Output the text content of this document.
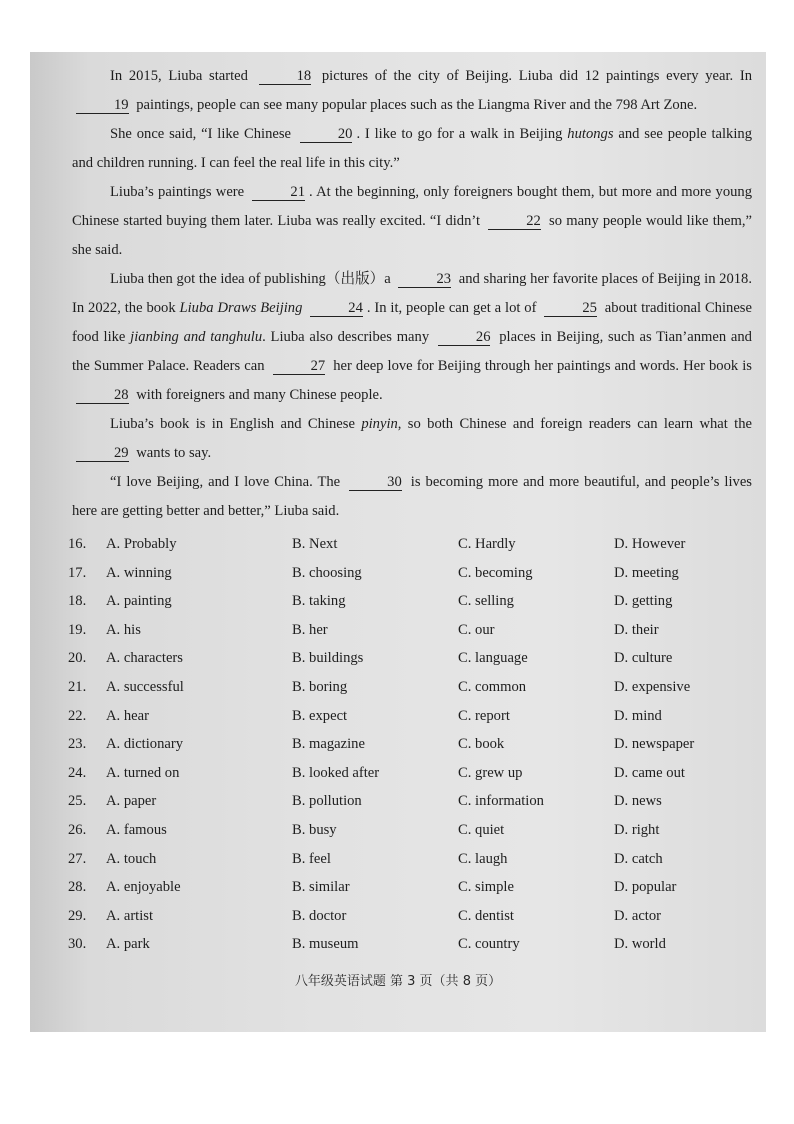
In 2015, Liuba started	18 pictures of the city of Beijing. Liuba did 12 paintings every year. In 19 paintings, people can see many popular places such as the Liangma River and the 798 Art Zone.

She once said, “I like Chinese	20 . I like to go for a walk in Beijing hutongs and see people talking and children running. I can feel the real life in this city.”

Liuba’s paintings were	21 . At the beginning, only foreigners bought them, but more and more young Chinese started buying them later. Liuba was really excited. “I didn’t	22 so many people would like them,” she said.

Liuba then got the idea of publishing（出版）a	23 and sharing her favorite places of Beijing in 2018. In 2022, the book Liuba Draws Beijing	24 . In it, people can get a lot of	25 about traditional Chinese food like jianbing and tanghulu. Liuba also describes many	26 places in Beijing, such as Tian’anmen and the Summer Palace. Readers can	27 her deep love for Beijing through her paintings and words. Her book is 28 with foreigners and many Chinese people.

Liuba’s book is in English and Chinese pinyin, so both Chinese and foreign readers can learn what the 29 wants to say.

“I love Beijing, and I love China. The	30 is becoming more and more beautiful, and people’s lives here are getting better and better,” Liuba said.

16. A. Probably	B. Next	C. Hardly	D. However
17. A. winning	B. choosing	C. becoming	D. meeting
18. A. painting	B. taking	C. selling	D. getting
19. A. his	B. her	C. our	D. their
20. A. characters	B. buildings	C. language	D. culture
21. A. successful	B. boring	C. common	D. expensive
22. A. hear	B. expect	C. report	D. mind
23. A. dictionary	B. magazine	C. book	D. newspaper
24. A. turned on	B. looked after	C. grew up	D. came out
25. A. paper	B. pollution	C. information	D. news
26. A. famous	B. busy	C. quiet	D. right
27. A. touch	B. feel	C. laugh	D. catch
28. A. enjoyable	B. similar	C. simple	D. popular
29. A. artist	B. doctor	C. dentist	D. actor
30. A. park	B. museum	C. country	D. world
八年级英语试题 第 3 页（共 8 页）
